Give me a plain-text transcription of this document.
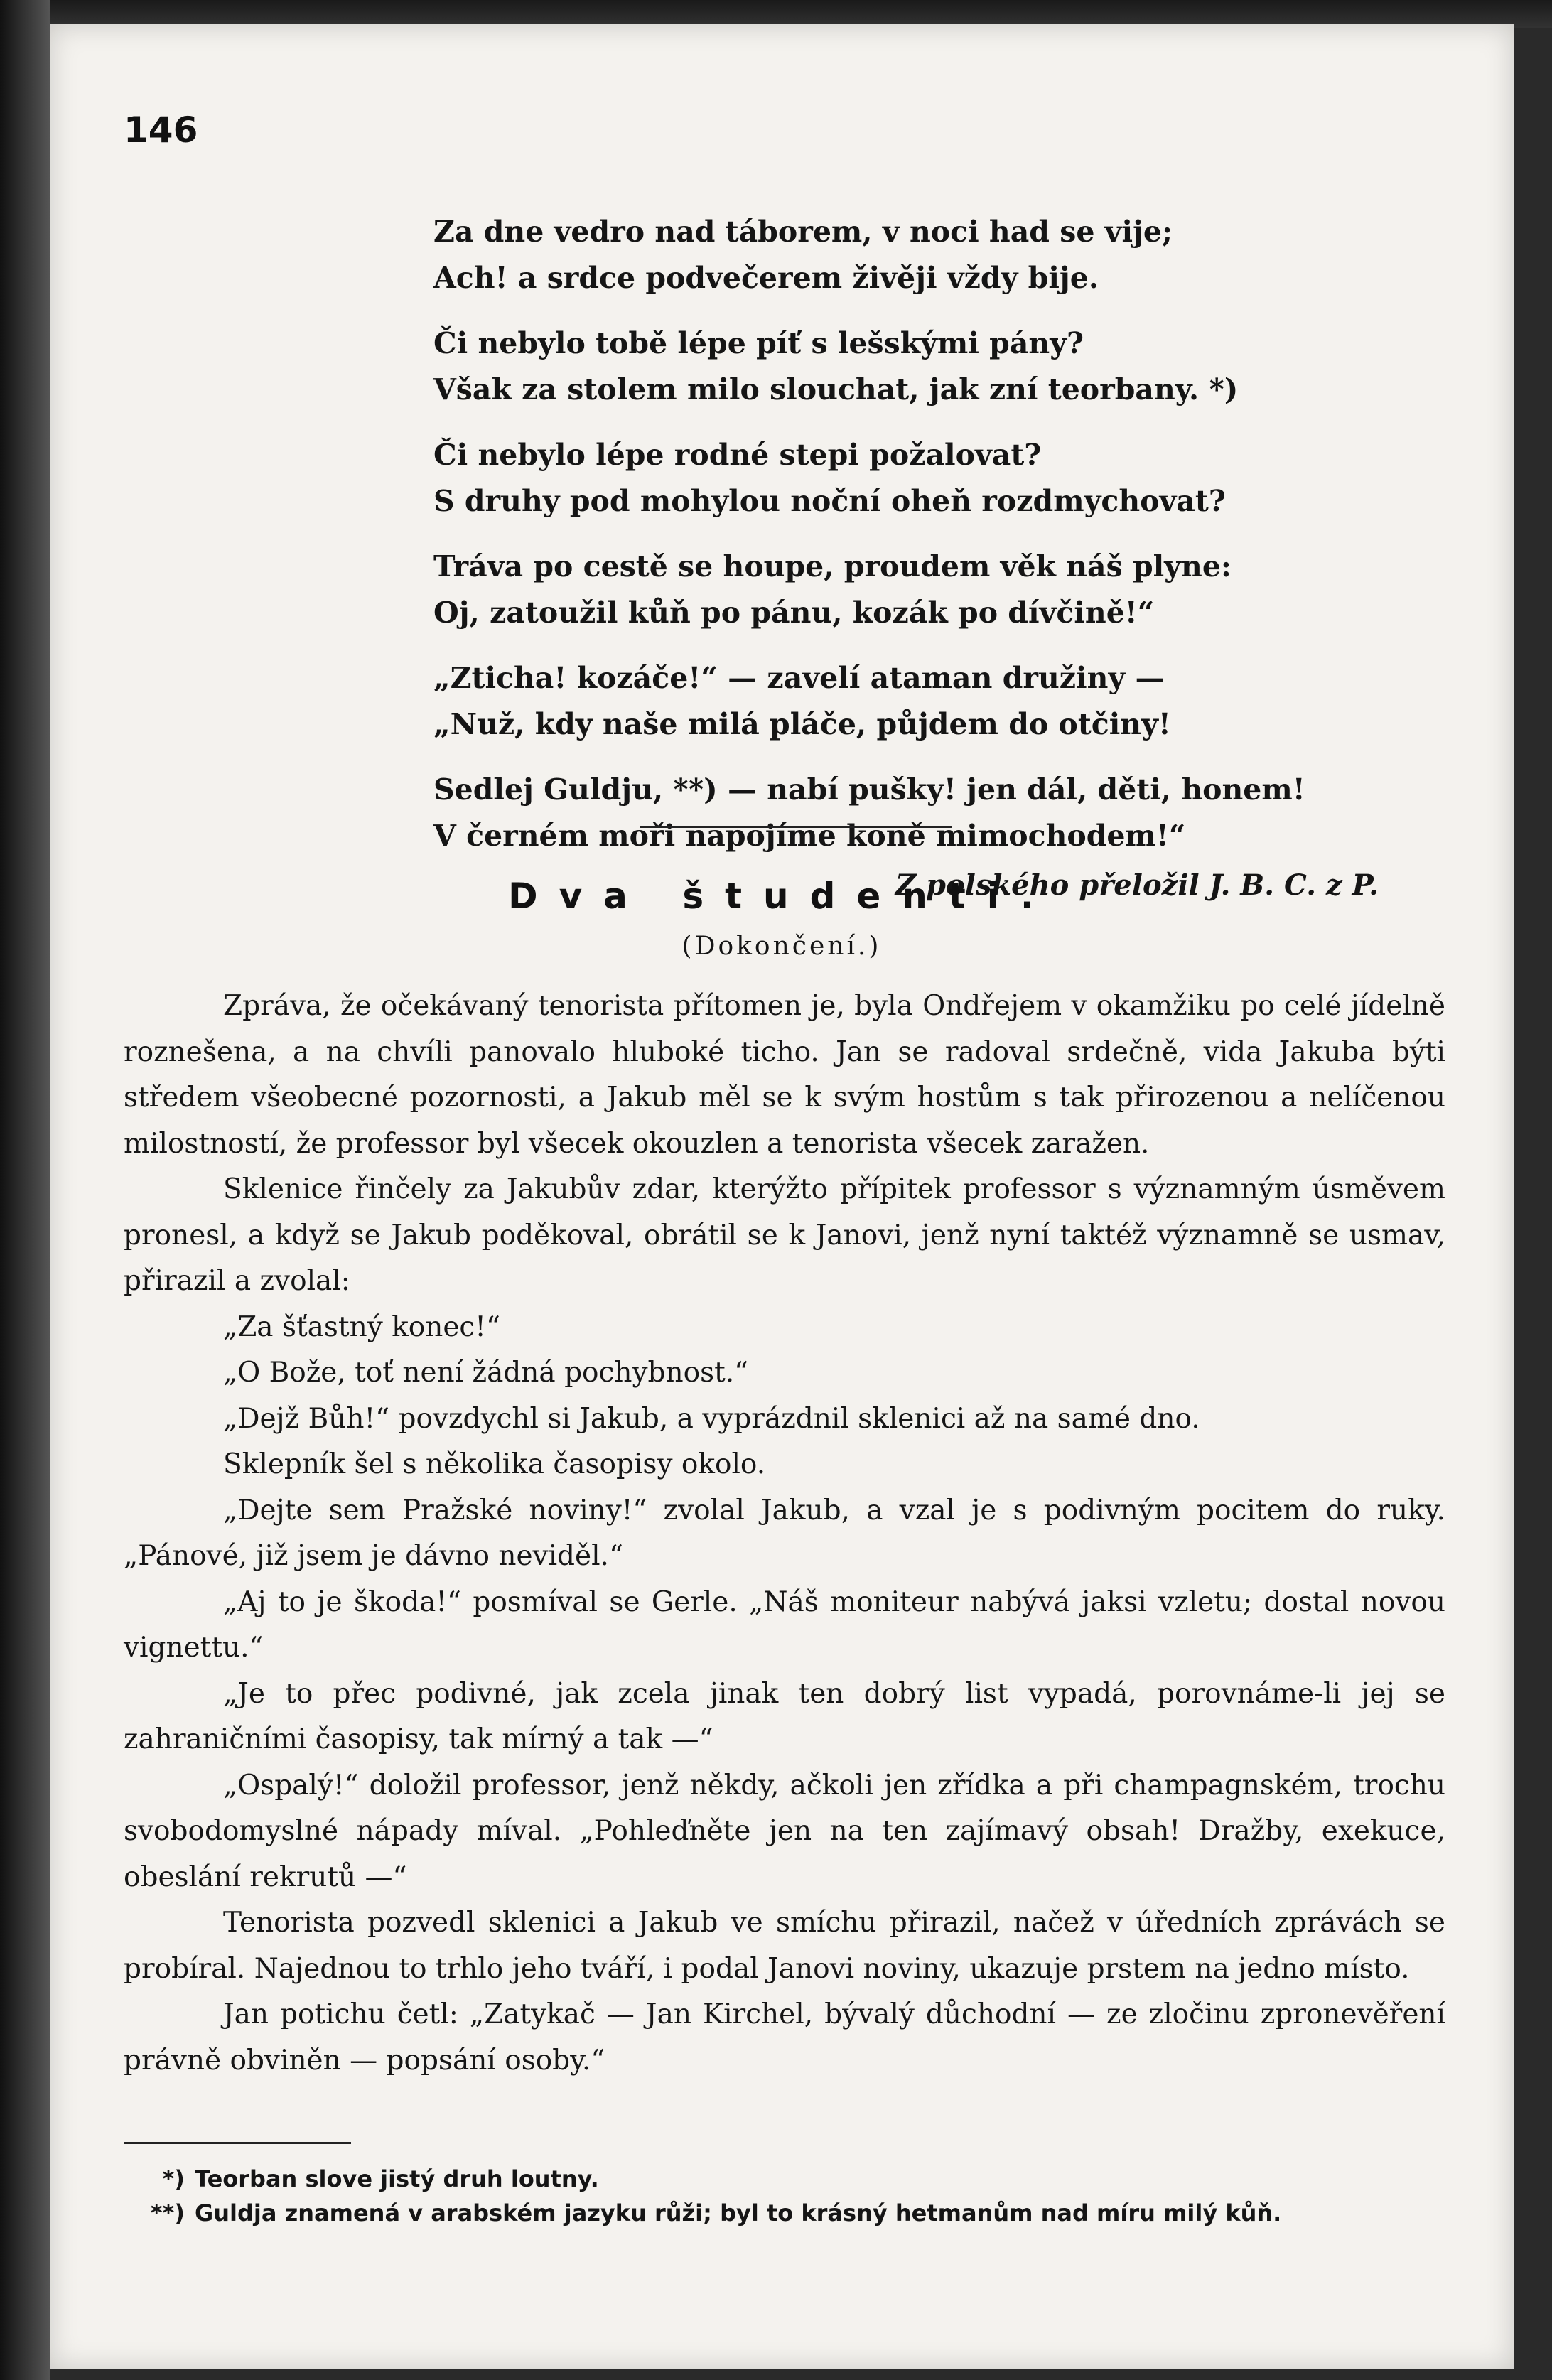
146

Za dne vedro nad táborem, v noci had se vije;

Ach! a srdce podvečerem živěji vždy bije.

Či nebylo tobě lépe píť s lešskými pány?

Však za stolem milo slouchat, jak zní teorbany. *)

Či nebylo lépe rodné stepi požalovat?

S druhy pod mohylou noční oheň rozdmychovat?

Tráva po cestě se houpe, proudem věk náš plyne:

Oj, zatoužil kůň po pánu, kozák po dívčině!“

„Zticha! kozáče!“ — zavelí ataman družiny —

„Nuž, kdy naše milá pláče, půjdem do otčiny!

Sedlej Guldju, **) — nabí pušky! jen dál, děti, honem!

V černém moři napojíme koně mimochodem!“

Z polského přeložil J. B. C. z P.

Dva študenti.

(Dokončení.)

Zpráva, že očekávaný tenorista přítomen je, byla Ondřejem v okamžiku po celé jídelně roznešena, a na chvíli panovalo hluboké ticho. Jan se radoval srdečně, vida Jakuba býti středem všeobecné pozornosti, a Jakub měl se k svým hostům s tak přirozenou a nelíčenou milostností, že professor byl všecek okouzlen a tenorista všecek zaražen.

Sklenice řinčely za Jakubův zdar, kterýžto přípitek professor s významným úsměvem pronesl, a když se Jakub poděkoval, obrátil se k Janovi, jenž nyní taktéž významně se usmav, přirazil a zvolal:

„Za šťastný konec!“

„O Bože, toť není žádná pochybnost.“

„Dejž Bůh!“ povzdychl si Jakub, a vyprázdnil sklenici až na samé dno.

Sklepník šel s několika časopisy okolo.

„Dejte sem Pražské noviny!“ zvolal Jakub, a vzal je s podivným pocitem do ruky. „Pánové, již jsem je dávno neviděl.“

„Aj to je škoda!“ posmíval se Gerle. „Náš moniteur nabývá jaksi vzletu; dostal novou vignettu.“

„Je to přec podivné, jak zcela jinak ten dobrý list vypadá, porovnáme-li jej se zahraničními časopisy, tak mírný a tak —“

„Ospalý!“ doložil professor, jenž někdy, ačkoli jen zřídka a při champagnském, trochu svobodomyslné nápady míval. „Pohleďněte jen na ten zajímavý obsah! Dražby, exekuce, obeslání rekrutů —“

Tenorista pozvedl sklenici a Jakub ve smíchu přirazil, načež v úředních zprávách se probíral. Najednou to trhlo jeho tváří, i podal Janovi noviny, ukazuje prstem na jedno místo.

Jan potichu četl: „Zatykač — Jan Kirchel, bývalý důchodní — ze zločinu zpronevěření právně obviněn — popsání osoby.“

*) Teorban slove jistý druh loutny.

**) Guldja znamená v arabském jazyku růži; byl to krásný hetmanům nad míru milý kůň.
